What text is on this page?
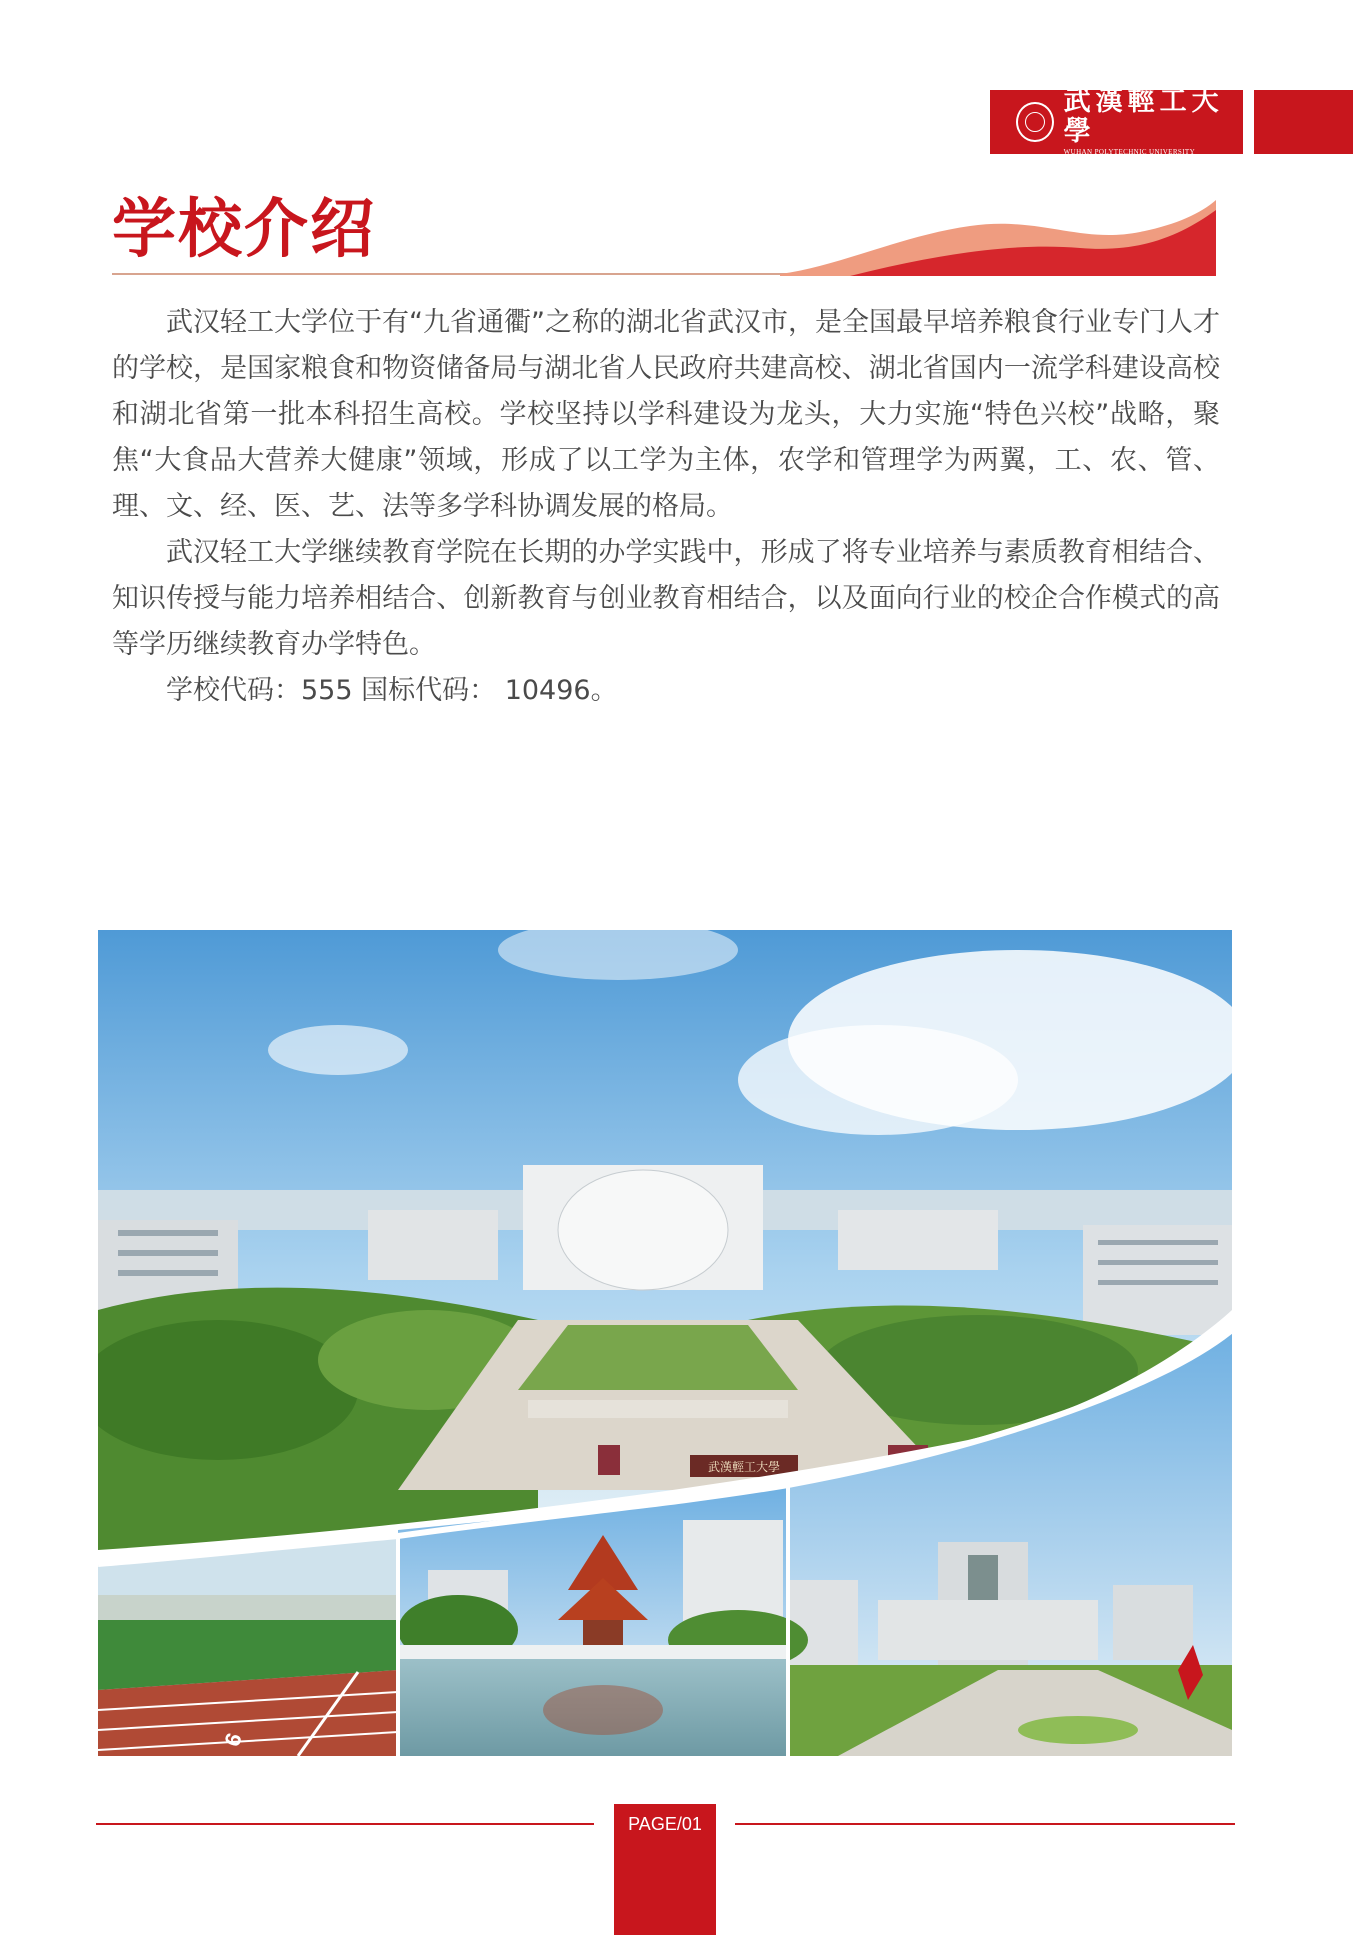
武漢輕工大學
WUHAN POLYTECHNIC UNIVERSITY
学校介绍

武汉轻工大学位于有“九省通衢”之称的湖北省武汉市，是全国最早培养粮食行业专门人才的学校，是国家粮食和物资储备局与湖北省人民政府共建高校、湖北省国内一流学科建设高校和湖北省第一批本科招生高校。学校坚持以学科建设为龙头，大力实施“特色兴校”战略，聚焦“大食品大营养大健康”领域，形成了以工学为主体，农学和管理学为两翼，工、农、管、理、文、经、医、艺、法等多学科协调发展的格局。

武汉轻工大学继续教育学院在长期的办学实践中，形成了将专业培养与素质教育相结合、知识传授与能力培养相结合、创新教育与创业教育相结合，以及面向行业的校企合作模式的高等学历继续教育办学特色。

学校代码：555 国标代码： 10496。

武漢輕工大學
6
PAGE/01
